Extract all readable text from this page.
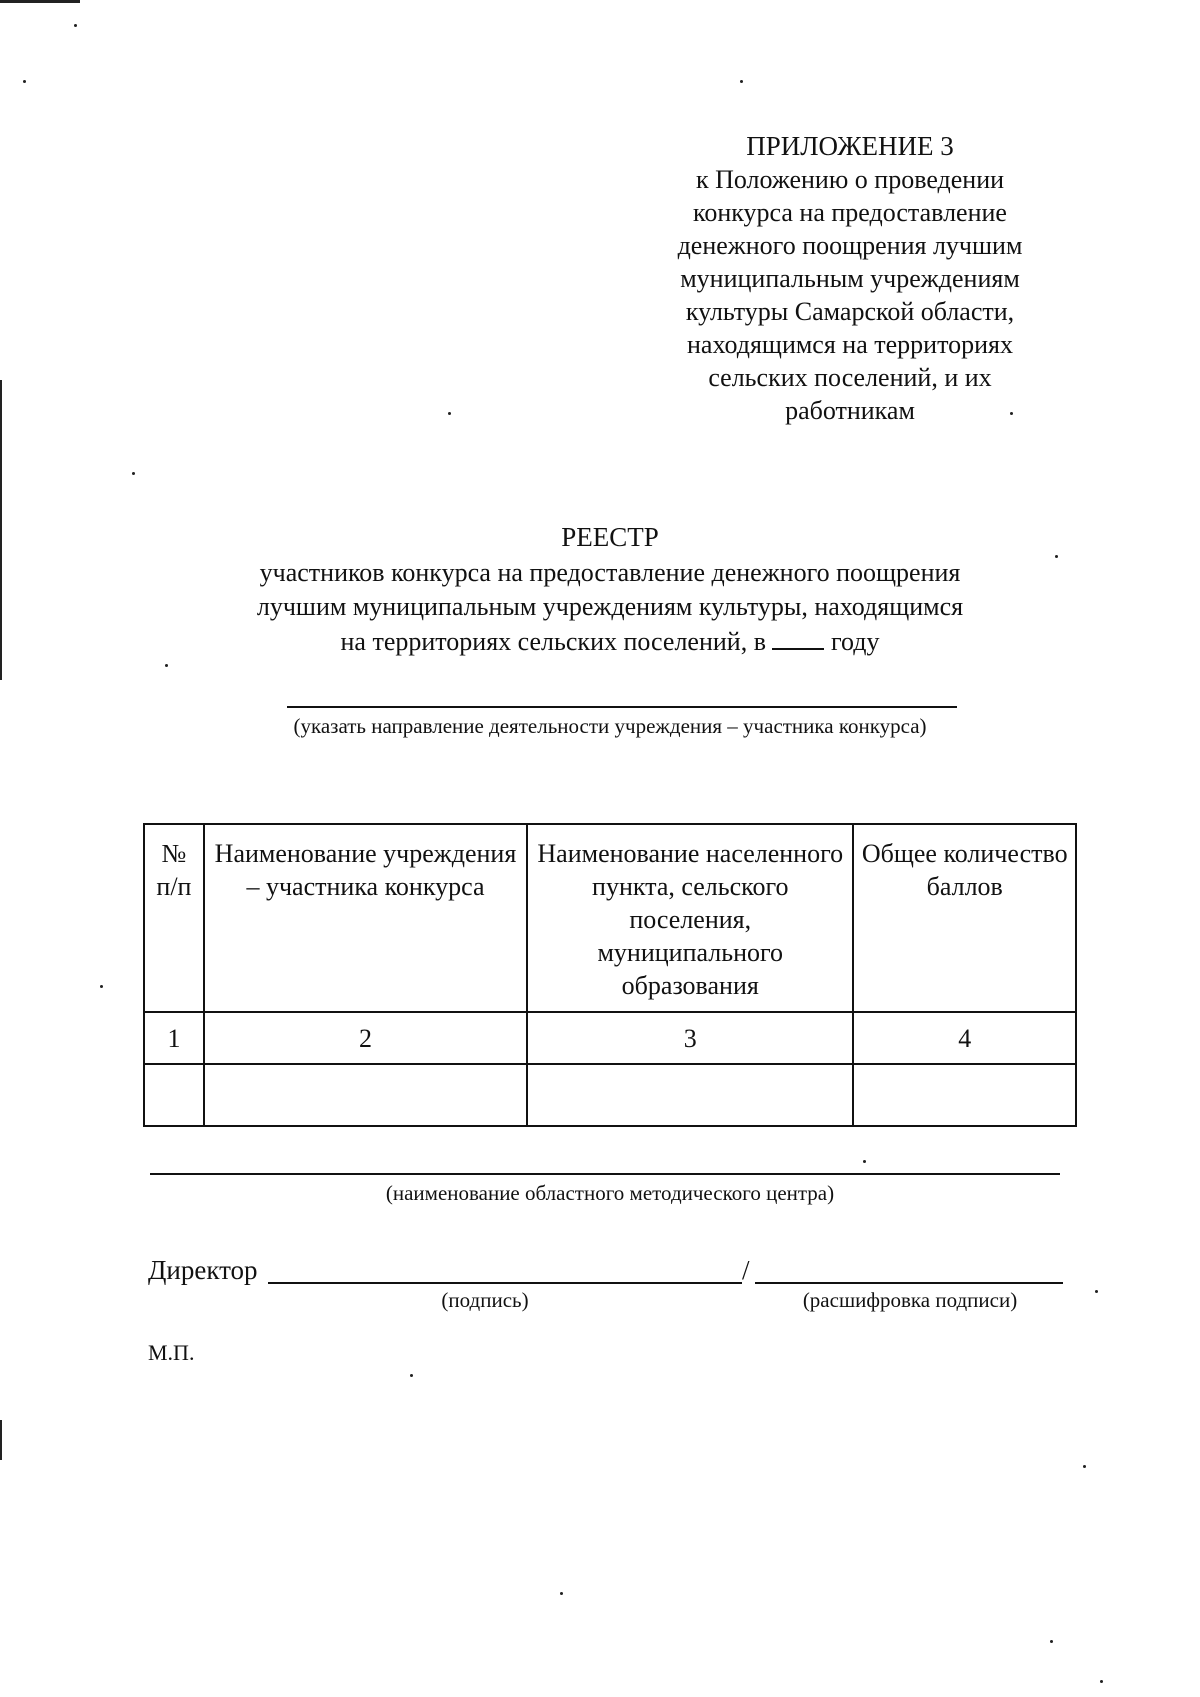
ПРИЛОЖЕНИЕ 3
к Положению о проведении
конкурса на предоставление
денежного поощрения лучшим
муниципальным учреждениям
культуры Самарской области,
находящимся на территориях
сельских поселений, и их
работникам
РЕЕСТР
участников конкурса на предоставление денежного поощрения
лучшим муниципальным учреждениям культуры, находящимся
на территориях сельских поселений, в	году
(указать направление деятельности учреждения – участника конкурса)
№ п/п	Наименование учреждения – участника конкурса	Наименование населенного пункта, сельского поселения, муниципального образования	Общее количество баллов
1	2	3	4

(наименование областного методического центра)
Директор	/
(подпись)	(расшифровка подписи)
М.П.
